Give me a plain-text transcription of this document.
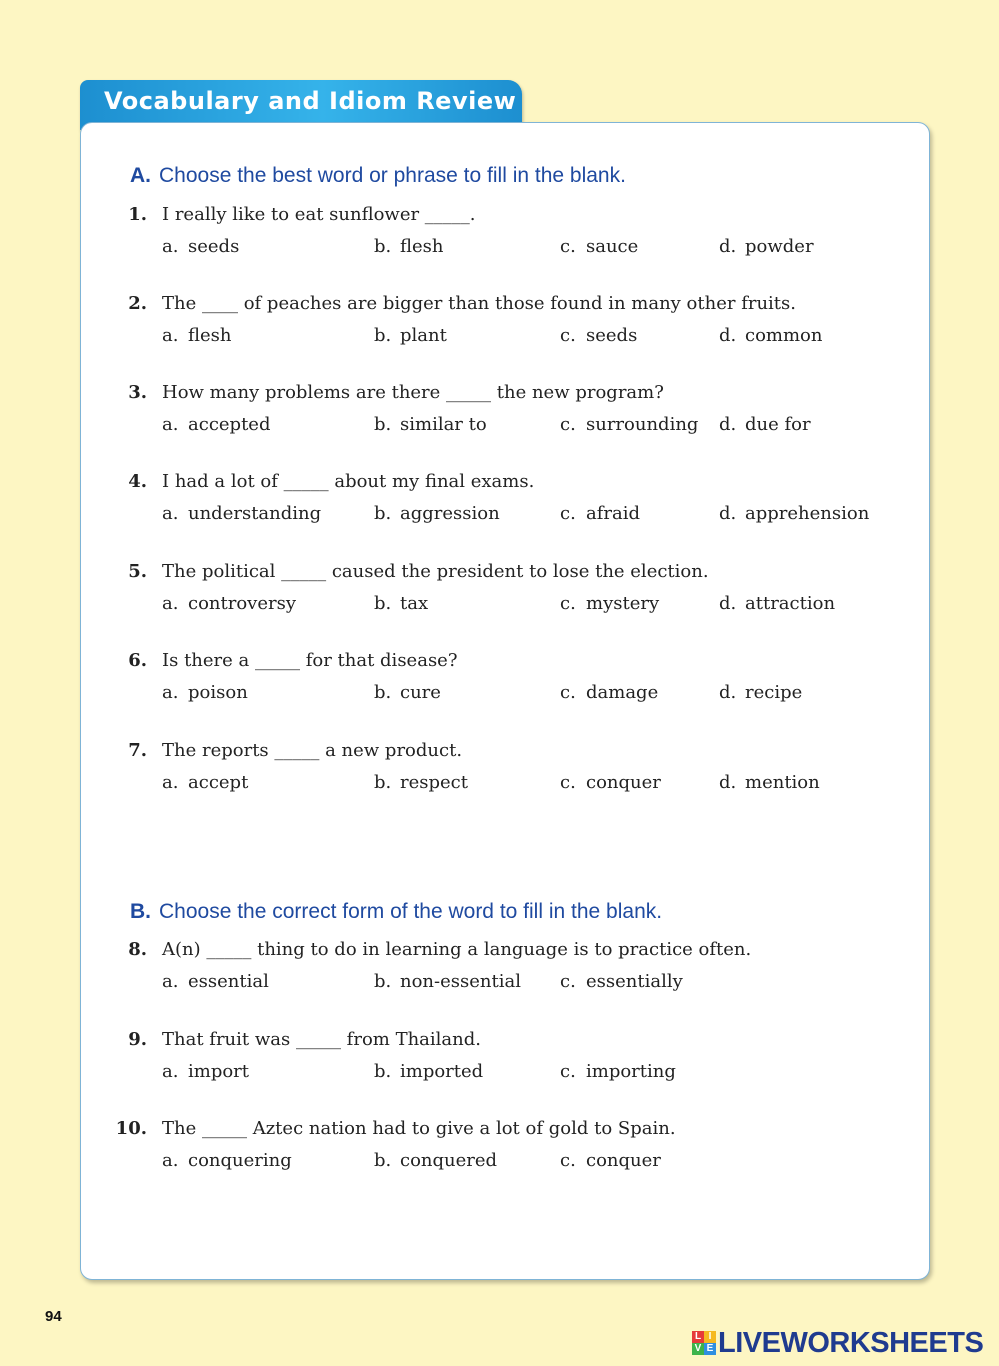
Vocabulary and Idiom Review
A. Choose the best word or phrase to fill in the blank.
B. Choose the correct form of the word to fill in the blank.
1. I really like to eat sunflower _____.
a. seeds	b. flesh	c. sauce	d. powder
2. The ____ of peaches are bigger than those found in many other fruits.
a. flesh	b. plant	c. seeds	d. common
3. How many problems are there _____ the new program?
a. accepted	b. similar to	c. surrounding d. due for
4. I had a lot of _____ about my final exams.
a. understanding	b. aggression	c. afraid	d. apprehension
5. The political _____ caused the president to lose the election.
a. controversy	b. tax	c. mystery	d. attraction
6. Is there a _____ for that disease?
a. poison	b. cure	c. damage	d. recipe
7. The reports _____ a new product.
a. accept	b. respect	c. conquer	d. mention
8. A(n) _____ thing to do in learning a language is to practice often.
a. essential	b. non-essential c. essentially
9. That fruit was _____ from Thailand.
a. import	b. imported	c. importing
10. The _____ Aztec nation had to give a lot of gold to Spain.
a. conquering	b. conquered	c. conquer
94
L I
V E LIVEWORKSHEETS
